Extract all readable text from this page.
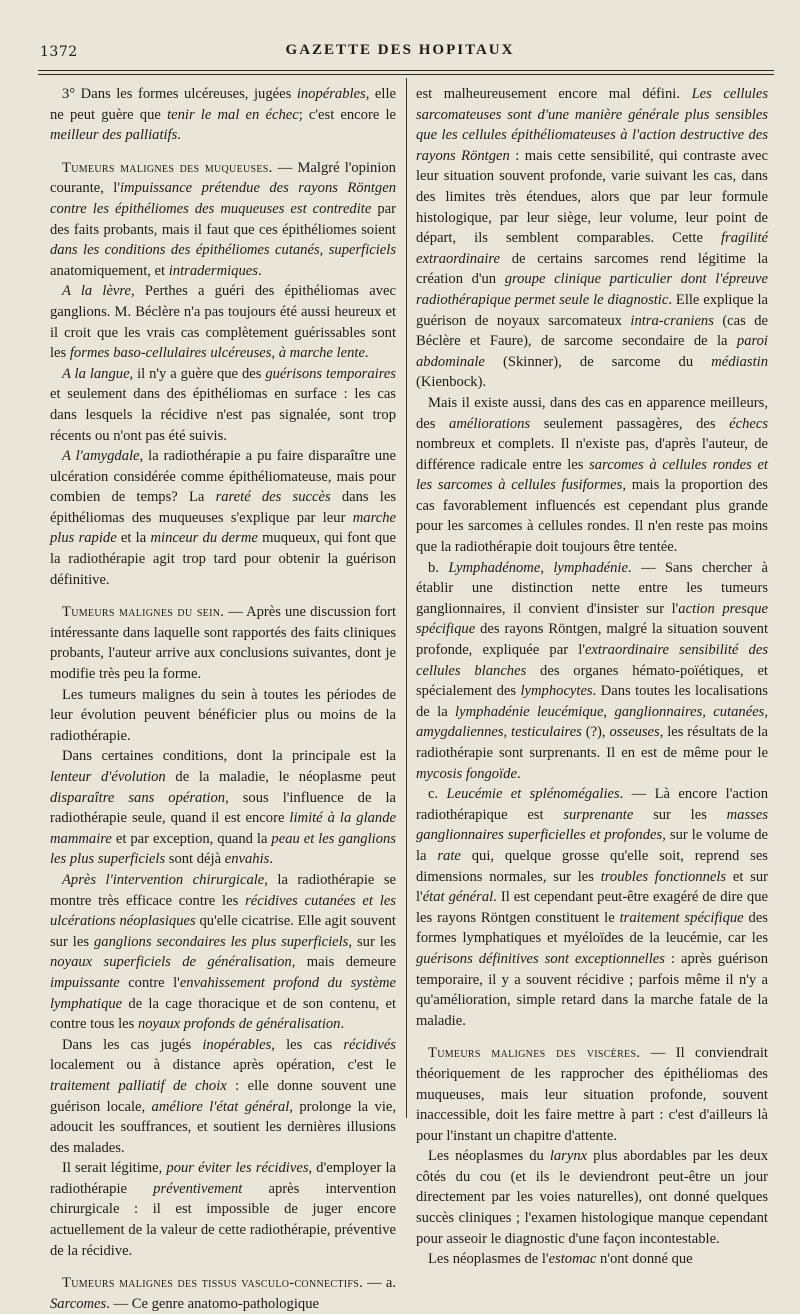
1372	GAZETTE DES HOPITAUX

3° Dans les formes ulcéreuses, jugées inopérables, elle ne peut guère que tenir le mal en échec; c'est encore le meilleur des palliatifs.

Tumeurs malignes des muqueuses. — Malgré l'opinion courante, l'impuissance prétendue des rayons Röntgen contre les épithéliomes des muqueuses est contredite par des faits probants, mais il faut que ces épithéliomes soient dans les conditions des épithéliomes cutanés, superficiels anatomiquement, et intradermiques.

A la lèvre, Perthes a guéri des épithéliomas avec ganglions. M. Béclère n'a pas toujours été aussi heureux et il croit que les vrais cas complètement guérissables sont les formes baso-cellulaires ulcéreuses, à marche lente.

A la langue, il n'y a guère que des guérisons temporaires et seulement dans des épithéliomas en surface : les cas dans lesquels la récidive n'est pas signalée, sont trop récents ou n'ont pas été suivis.

A l'amygdale, la radiothérapie a pu faire disparaître une ulcération considérée comme épithéliomateuse, mais pour combien de temps? La rareté des succès dans les épithéliomas des muqueuses s'explique par leur marche plus rapide et la minceur du derme muqueux, qui font que la radiothérapie agit trop tard pour obtenir la guérison définitive.

Tumeurs malignes du sein. — Après une discussion fort intéressante dans laquelle sont rapportés des faits cliniques probants, l'auteur arrive aux conclusions suivantes, dont je modifie très peu la forme.

Les tumeurs malignes du sein à toutes les périodes de leur évolution peuvent bénéficier plus ou moins de la radiothérapie.

Dans certaines conditions, dont la principale est la lenteur d'évolution de la maladie, le néoplasme peut disparaître sans opération, sous l'influence de la radiothérapie seule, quand il est encore limité à la glande mammaire et par exception, quand la peau et les ganglions les plus superficiels sont déjà envahis.

Après l'intervention chirurgicale, la radiothérapie se montre très efficace contre les récidives cutanées et les ulcérations néoplasiques qu'elle cicatrise. Elle agit souvent sur les ganglions secondaires les plus superficiels, sur les noyaux superficiels de généralisation, mais demeure impuissante contre l'envahissement profond du système lymphatique de la cage thoracique et de son contenu, et contre tous les noyaux profonds de généralisation.

Dans les cas jugés inopérables, les cas récidivés localement ou à distance après opération, c'est le traitement palliatif de choix : elle donne souvent une guérison locale, améliore l'état général, prolonge la vie, adoucit les souffrances, et soutient les dernières illusions des malades.

Il serait légitime, pour éviter les récidives, d'employer la radiothérapie préventivement après intervention chirurgicale : il est impossible de juger encore actuellement de la valeur de cette radiothérapie, préventive de la récidive.

Tumeurs malignes des tissus vasculo-connectifs. — a. Sarcomes. — Ce genre anatomo-pathologique

est malheureusement encore mal défini. Les cellules sarcomateuses sont d'une manière générale plus sensibles que les cellules épithéliomateuses à l'action destructive des rayons Röntgen : mais cette sensibilité, qui contraste avec leur situation souvent profonde, varie suivant les cas, dans des limites très étendues, alors que par leur formule histologique, par leur siège, leur volume, leur point de départ, ils semblent comparables. Cette fragilité extraordinaire de certains sarcomes rend légitime la création d'un groupe clinique particulier dont l'épreuve radiothérapique permet seule le diagnostic. Elle explique la guérison de noyaux sarcomateux intra-craniens (cas de Béclère et Faure), de sarcome secondaire de la paroi abdominale (Skinner), de sarcome du médiastin (Kienbock).

Mais il existe aussi, dans des cas en apparence meilleurs, des améliorations seulement passagères, des échecs nombreux et complets. Il n'existe pas, d'après l'auteur, de différence radicale entre les sarcomes à cellules rondes et les sarcomes à cellules fusiformes, mais la proportion des cas favorablement influencés est cependant plus grande pour les sarcomes à cellules rondes. Il n'en reste pas moins que la radiothérapie doit toujours être tentée.

b. Lymphadénome, lymphadénie. — Sans chercher à établir une distinction nette entre les tumeurs ganglionnaires, il convient d'insister sur l'action presque spécifique des rayons Röntgen, malgré la situation souvent profonde, expliquée par l'extraordinaire sensibilité des cellules blanches des organes hémato-poïétiques, et spécialement des lymphocytes. Dans toutes les localisations de la lymphadénie leucémique, ganglionnaires, cutanées, amygdaliennes, testiculaires (?), osseuses, les résultats de la radiothérapie sont surprenants. Il en est de même pour le mycosis fongoïde.

c. Leucémie et splénomégalies. — Là encore l'action radiothérapique est surprenante sur les masses ganglionnaires superficielles et profondes, sur le volume de la rate qui, quelque grosse qu'elle soit, reprend ses dimensions normales, sur les troubles fonctionnels et sur l'état général. Il est cependant peut-être exagéré de dire que les rayons Röntgen constituent le traitement spécifique des formes lymphatiques et myéloïdes de la leucémie, car les guérisons définitives sont exceptionnelles : après guérison temporaire, il y a souvent récidive ; parfois même il n'y a qu'amélioration, simple retard dans la marche fatale de la maladie.

Tumeurs malignes des viscères. — Il conviendrait théoriquement de les rapprocher des épithéliomas des muqueuses, mais leur situation profonde, souvent inaccessible, doit les faire mettre à part : c'est d'ailleurs là pour l'instant un chapitre d'attente.

Les néoplasmes du larynx plus abordables par les deux côtés du cou (et ils le deviendront peut-être un jour directement par les voies naturelles), ont donné quelques succès cliniques ; l'examen histologique manque cependant pour asseoir le diagnostic d'une façon incontestable.

Les néoplasmes de l'estomac n'ont donné que
